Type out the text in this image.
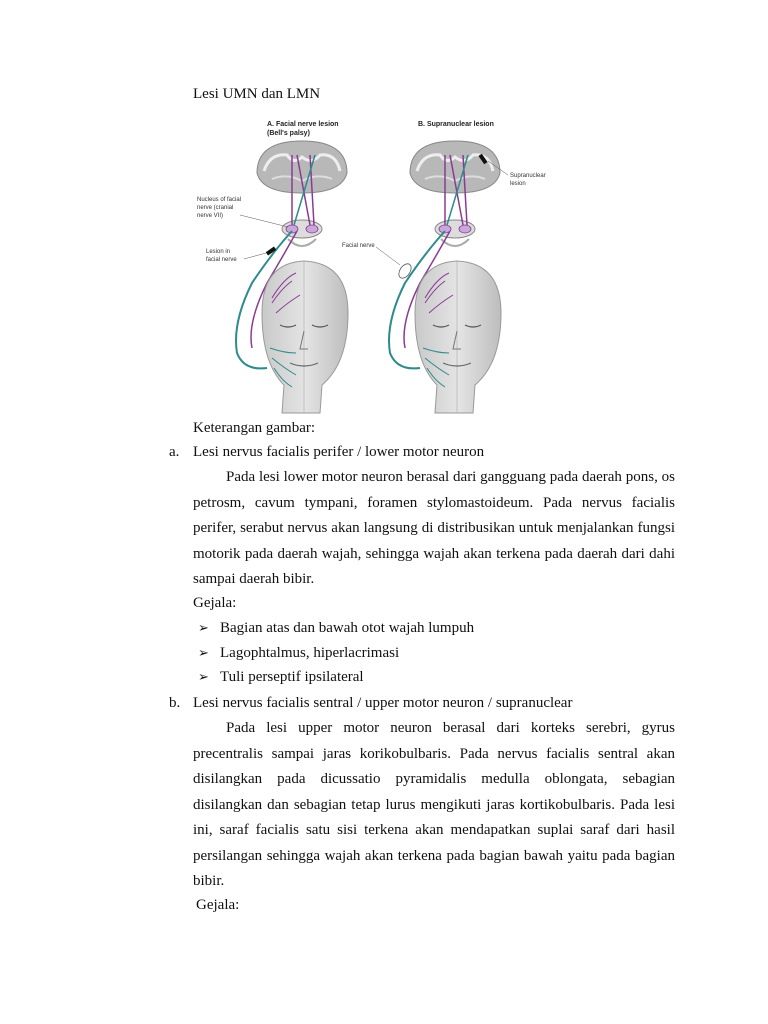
Lesi UMN dan LMN
A. Facial nerve lesion
(Bell's palsy)
B. Supranuclear lesion
Nucleus of facial
nerve (cranial
nerve VII)
Lesion in
facial nerve
Facial nerve
Supranuclear
lesion
Keterangan gambar:
a. Lesi nervus facialis perifer / lower motor neuron

Pada lesi lower motor neuron berasal dari gangguang pada daerah pons, os petrosm, cavum tympani, foramen stylomastoideum. Pada nervus facialis perifer, serabut nervus akan langsung di distribusikan untuk menjalankan fungsi motorik pada daerah wajah, sehingga wajah akan terkena pada daerah dari dahi sampai daerah bibir.

Gejala:
➢ Bagian atas dan bawah otot wajah lumpuh
➢ Lagophtalmus, hiperlacrimasi
➢ Tuli perseptif ipsilateral
b. Lesi nervus facialis sentral / upper motor neuron / supranuclear

Pada lesi upper motor neuron berasal dari korteks serebri, gyrus precentralis sampai jaras korikobulbaris. Pada nervus facialis sentral akan disilangkan pada dicussatio pyramidalis medulla oblongata, sebagian disilangkan dan sebagian tetap lurus mengikuti jaras kortikobulbaris. Pada lesi ini, saraf facialis satu sisi terkena akan mendapatkan suplai saraf dari hasil persilangan sehingga wajah akan terkena pada bagian bawah yaitu pada bagian bibir.

Gejala:
